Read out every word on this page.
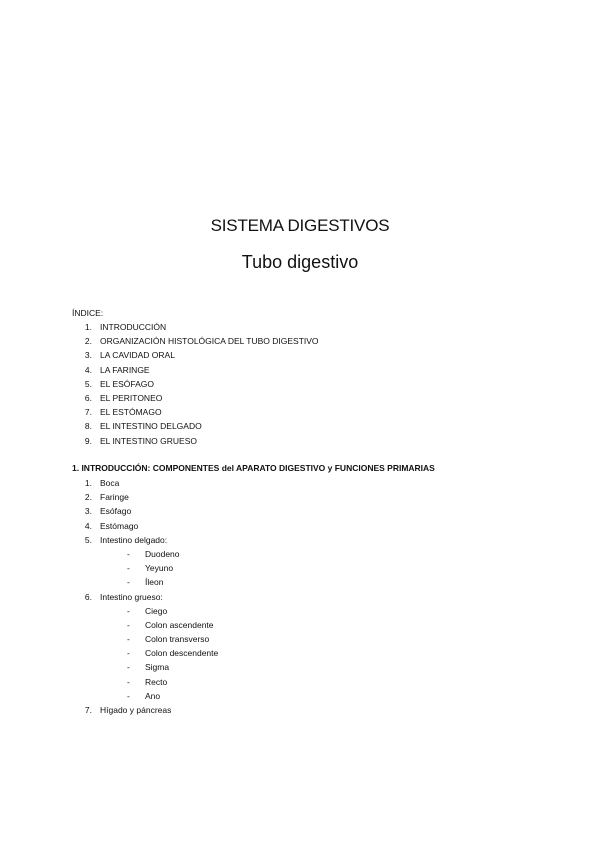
SISTEMA DIGESTIVOS
Tubo digestivo
ÍNDICE:
1. INTRODUCCIÓN
2. ORGANIZACIÓN HISTOLÓGICA DEL TUBO DIGESTIVO
3. LA CAVIDAD ORAL
4. LA FARINGE
5. EL ESÓFAGO
6. EL PERITONEO
7. EL ESTÓMAGO
8. EL INTESTINO DELGADO
9. EL INTESTINO GRUESO
1. INTRODUCCIÓN: COMPONENTES del APARATO DIGESTIVO y FUNCIONES PRIMARIAS
1. Boca
2. Faringe
3. Esófago
4. Estómago
5. Intestino delgado:
- Duodeno
- Yeyuno
- Íleon
6. Intestino grueso:
- Ciego
- Colon ascendente
- Colon transverso
- Colon descendente
- Sigma
- Recto
- Ano
7. Hígado y páncreas
